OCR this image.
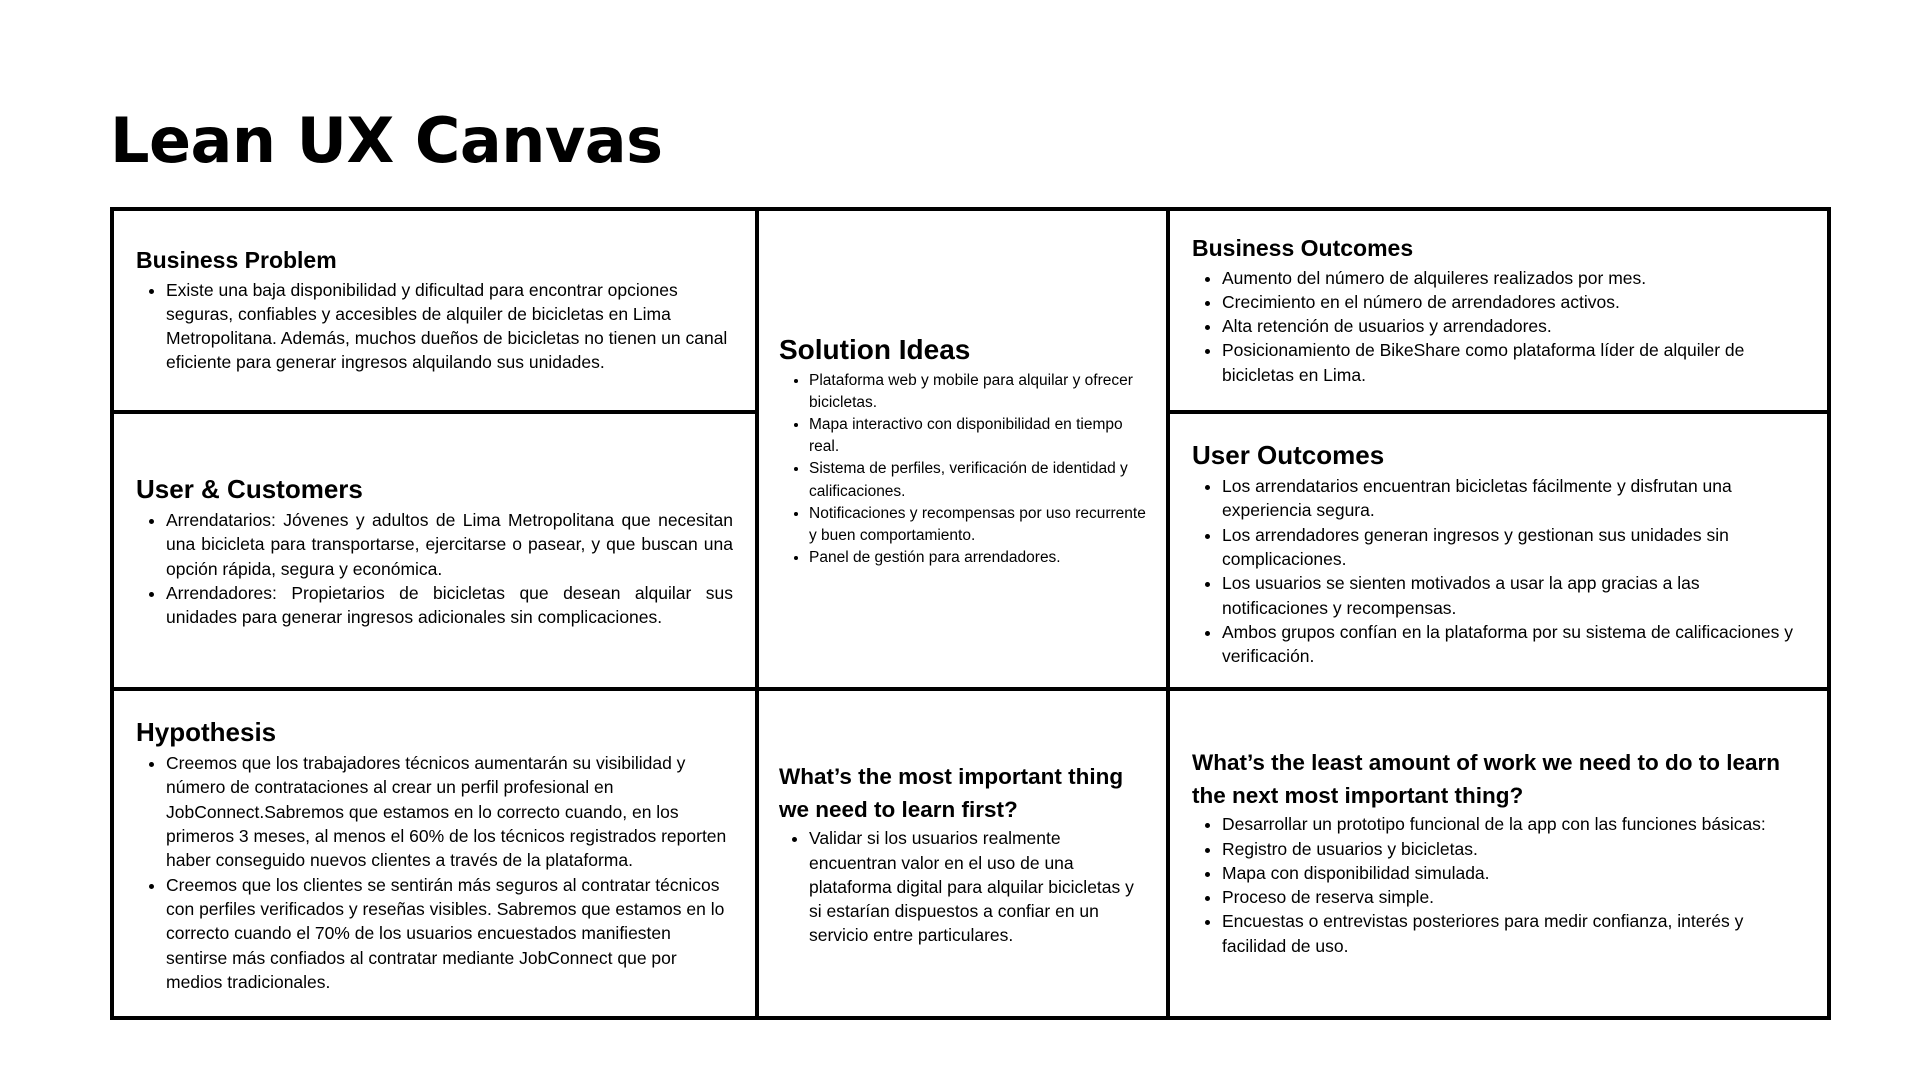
Lean UX Canvas
Business Problem
• Existe una baja disponibilidad y dificultad para encontrar opciones seguras, confiables y accesibles de alquiler de bicicletas en Lima Metropolitana. Además, muchos dueños de bicicletas no tienen un canal eficiente para generar ingresos alquilando sus unidades.
User & Customers
• Arrendatarios: Jóvenes y adultos de Lima Metropolitana que necesitan una bicicleta para transportarse, ejercitarse o pasear, y que buscan una opción rápida, segura y económica.
• Arrendadores: Propietarios de bicicletas que desean alquilar sus unidades para generar ingresos adicionales sin complicaciones.
Hypothesis
• Creemos que los trabajadores técnicos aumentarán su visibilidad y número de contrataciones al crear un perfil profesional en JobConnect.Sabremos que estamos en lo correcto cuando, en los primeros 3 meses, al menos el 60% de los técnicos registrados reporten haber conseguido nuevos clientes a través de la plataforma.
• Creemos que los clientes se sentirán más seguros al contratar técnicos con perfiles verificados y reseñas visibles. Sabremos que estamos en lo correcto cuando el 70% de los usuarios encuestados manifiesten sentirse más confiados al contratar mediante JobConnect que por medios tradicionales.
Solution Ideas
• Plataforma web y mobile para alquilar y ofrecer bicicletas.
• Mapa interactivo con disponibilidad en tiempo real.
• Sistema de perfiles, verificación de identidad y calificaciones.
• Notificaciones y recompensas por uso recurrente y buen comportamiento.
• Panel de gestión para arrendadores.
What’s the most important thing we need to learn first?
• Validar si los usuarios realmente encuentran valor en el uso de una plataforma digital para alquilar bicicletas y si estarían dispuestos a confiar en un servicio entre particulares.
Business Outcomes
• Aumento del número de alquileres realizados por mes.
• Crecimiento en el número de arrendadores activos.
• Alta retención de usuarios y arrendadores.
• Posicionamiento de BikeShare como plataforma líder de alquiler de bicicletas en Lima.
User Outcomes
• Los arrendatarios encuentran bicicletas fácilmente y disfrutan una experiencia segura.
• Los arrendadores generan ingresos y gestionan sus unidades sin complicaciones.
• Los usuarios se sienten motivados a usar la app gracias a las notificaciones y recompensas.
• Ambos grupos confían en la plataforma por su sistema de calificaciones y verificación.
What’s the least amount of work we need to do to learn the next most important thing?
• Desarrollar un prototipo funcional de la app con las funciones básicas:
• Registro de usuarios y bicicletas.
• Mapa con disponibilidad simulada.
• Proceso de reserva simple.
• Encuestas o entrevistas posteriores para medir confianza, interés y facilidad de uso.
